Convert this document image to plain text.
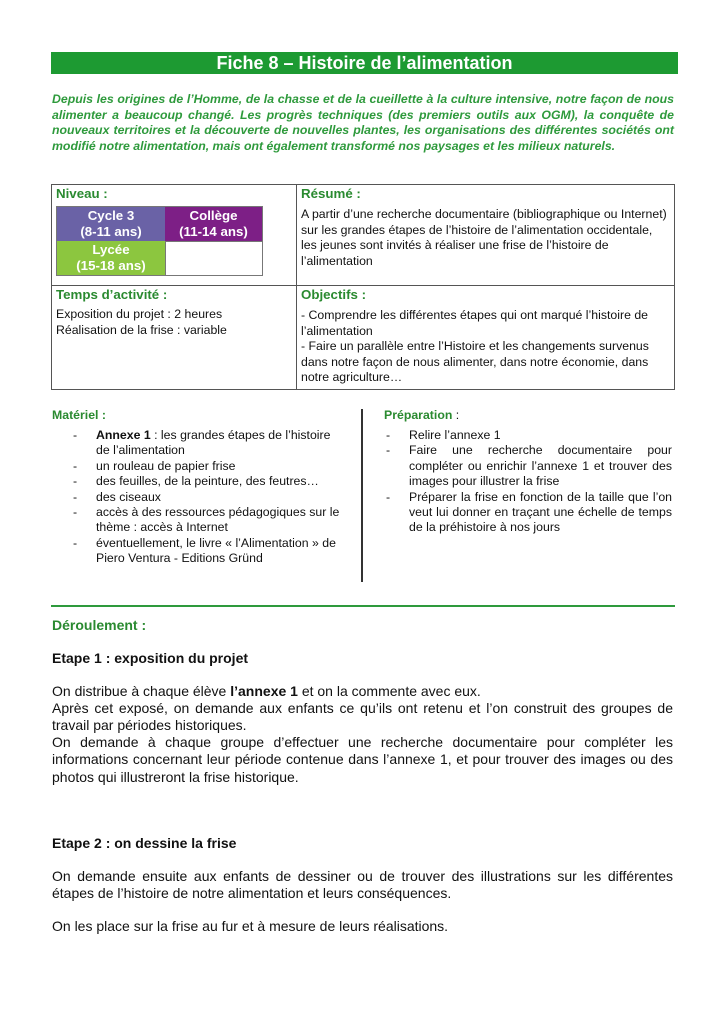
Fiche 8 – Histoire de l’alimentation
Depuis les origines de l’Homme, de la chasse et de la cueillette à la culture intensive, notre façon de nous alimenter a beaucoup changé. Les progrès techniques (des premiers outils aux OGM), la conquête de nouveaux territoires et la découverte de nouvelles plantes, les organisations des différentes sociétés ont modifié notre alimentation, mais ont également transformé nos paysages et les milieux naturels.
Niveau :
Cycle 3
(8-11 ans)
Collège
(11-14 ans)
Lycée
(15-18 ans)
Résumé :
A partir d’une recherche documentaire (bibliographique ou Internet) sur les grandes étapes de l’histoire de l’alimentation occidentale, les jeunes sont invités à réaliser une frise de l’histoire de l’alimentation
Temps d’activité :
Exposition du projet : 2 heures
Réalisation de la frise : variable
Objectifs :
- Comprendre les différentes étapes qui ont marqué l’histoire de l’alimentation
- Faire un parallèle entre l’Histoire et les changements survenus dans notre façon de nous alimenter, dans notre économie, dans notre agriculture…
Matériel :
- Annexe 1 : les grandes étapes de l’histoire de l’alimentation
- un rouleau de papier frise
- des feuilles, de la peinture, des feutres…
- des ciseaux
- accès à des ressources pédagogiques sur le thème : accès à Internet
- éventuellement, le livre « l’Alimentation » de Piero Ventura - Editions Gründ
Préparation :
- Relire l’annexe 1
- Faire une recherche documentaire pour compléter ou enrichir l’annexe 1 et trouver des images pour illustrer la frise
- Préparer la frise en fonction de la taille que l’on veut lui donner en traçant une échelle de temps de la préhistoire à nos jours
Déroulement :
Etape 1 : exposition du projet

On distribue à chaque élève l’annexe 1 et on la commente avec eux.

Après cet exposé, on demande aux enfants ce qu’ils ont retenu et l’on construit des groupes de travail par périodes historiques.

On demande à chaque groupe d’effectuer une recherche documentaire pour compléter les informations concernant leur période contenue dans l’annexe 1, et pour trouver des images ou des photos qui illustreront la frise historique.

Etape 2 : on dessine la frise

On demande ensuite aux enfants de dessiner ou de trouver des illustrations sur les différentes étapes de l’histoire de notre alimentation et leurs conséquences.

On les place sur la frise au fur et à mesure de leurs réalisations.
